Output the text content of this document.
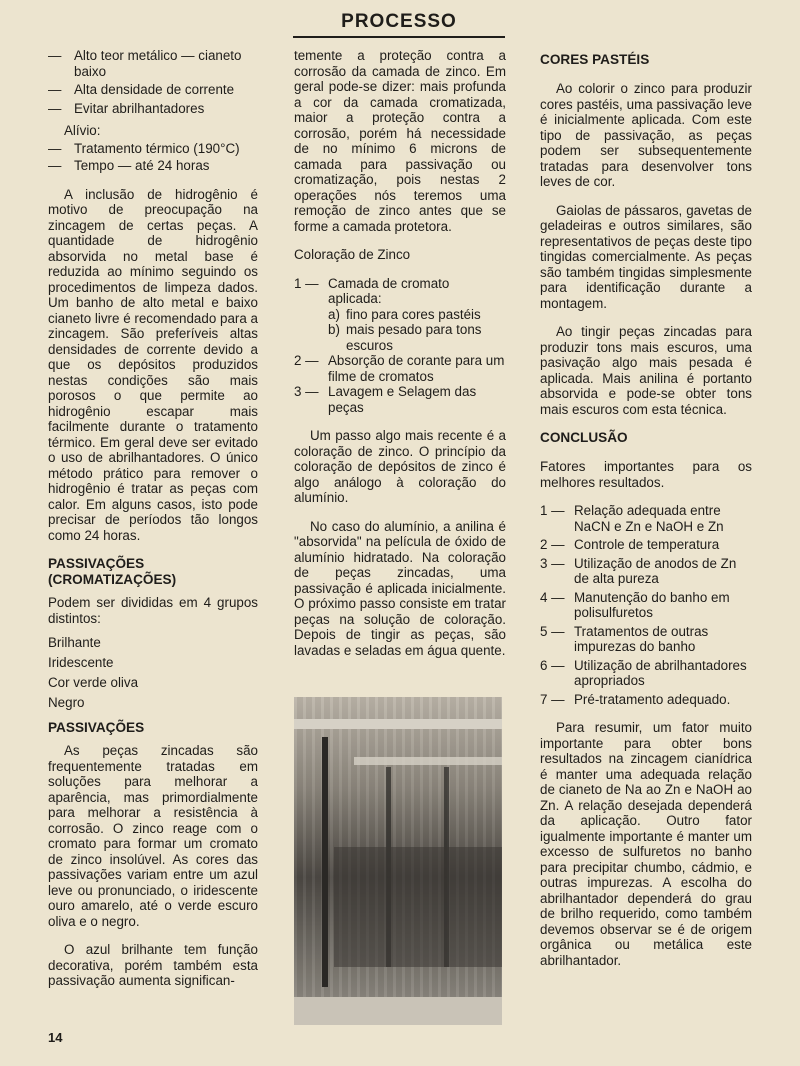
PROCESSO
— Alto teor metálico — cianeto baixo
— Alta densidade de corrente
— Evitar abrilhantadores

Alívio:

— Tratamento térmico (190°C)
— Tempo — até 24 horas

A inclusão de hidrogênio é motivo de preocupação na zincagem de certas peças. A quantidade de hidrogênio absorvida no metal base é reduzida ao mínimo seguindo os procedimentos de limpeza dados. Um banho de alto metal e baixo cianeto livre é recomendado para a zincagem. São preferíveis altas densidades de corrente devido a que os depósitos produzidos nestas condições são mais porosos o que permite ao hidrogênio escapar mais facilmente durante o tratamento térmico. Em geral deve ser evitado o uso de abrilhantadores. O único método prático para remover o hidrogênio é tratar as peças com calor. Em alguns casos, isto pode precisar de períodos tão longos como 24 horas.

PASSIVAÇÕES

(CROMATIZAÇÕES)

Podem ser divididas em 4 grupos distintos:

Brilhante

Iridescente

Cor verde oliva

Negro

PASSIVAÇÕES

As peças zincadas são frequentemente tratadas em soluções para melhorar a aparência, mas primordialmente para melhorar a resistência à corrosão. O zinco reage com o cromato para formar um cromato de zinco insolúvel. As cores das passivações variam entre um azul leve ou pronunciado, o iridescente ouro amarelo, até o verde escuro oliva e o negro.

O azul brilhante tem função decorativa, porém também esta passivação aumenta significan-

temente a proteção contra a corrosão da camada de zinco. Em geral pode-se dizer: mais profunda a cor da camada cromatizada, maior a proteção contra a corrosão, porém há necessidade de no mínimo 6 microns de camada para passivação ou cromatização, pois nestas 2 operações nós teremos uma remoção de zinco antes que se forme a camada protetora.

Coloração de Zinco

1 — Camada de cromato aplicada:
a) fino para cores pastéis
b) mais pesado para tons escuros
2 — Absorção de corante para um filme de cromatos
3 — Lavagem e Selagem das peças

Um passo algo mais recente é a coloração de zinco. O princípio da coloração de depósitos de zinco é algo análogo à coloração do alumínio.

No caso do alumínio, a anilina é "absorvida" na película de óxido de alumínio hidratado. Na coloração de peças zincadas, uma passivação é aplicada inicialmente. O próximo passo consiste em tratar peças na solução de coloração. Depois de tingir as peças, são lavadas e seladas em água quente.

CORES PASTÉIS

Ao colorir o zinco para produzir cores pastéis, uma passivação leve é inicialmente aplicada. Com este tipo de passivação, as peças podem ser subsequentemente tratadas para desenvolver tons leves de cor.

Gaiolas de pássaros, gavetas de geladeiras e outros similares, são representativos de peças deste tipo tingidas comercialmente. As peças são também tingidas simplesmente para identificação durante a montagem.

Ao tingir peças zincadas para produzir tons mais escuros, uma pasivação algo mais pesada é aplicada. Mais anilina é portanto absorvida e pode-se obter tons mais escuros com esta técnica.

CONCLUSÃO

Fatores importantes para os melhores resultados.

1 — Relação adequada entre NaCN e Zn e NaOH e Zn
2 — Controle de temperatura
3 — Utilização de anodos de Zn de alta pureza
4 — Manutenção do banho em polisulfuretos
5 — Tratamentos de outras impurezas do banho
6 — Utilização de abrilhantadores apropriados
7 — Pré-tratamento adequado.

Para resumir, um fator muito importante para obter bons resultados na zincagem cianídrica é manter uma adequada relação de cianeto de Na ao Zn e NaOH ao Zn. A relação desejada dependerá da aplicação. Outro fator igualmente importante é manter um excesso de sulfuretos no banho para precipitar chumbo, cádmio, e outras impurezas. A escolha do abrilhantador dependerá do grau de brilho requerido, como também devemos observar se é de origem orgânica ou metálica este abrilhantador.

14
